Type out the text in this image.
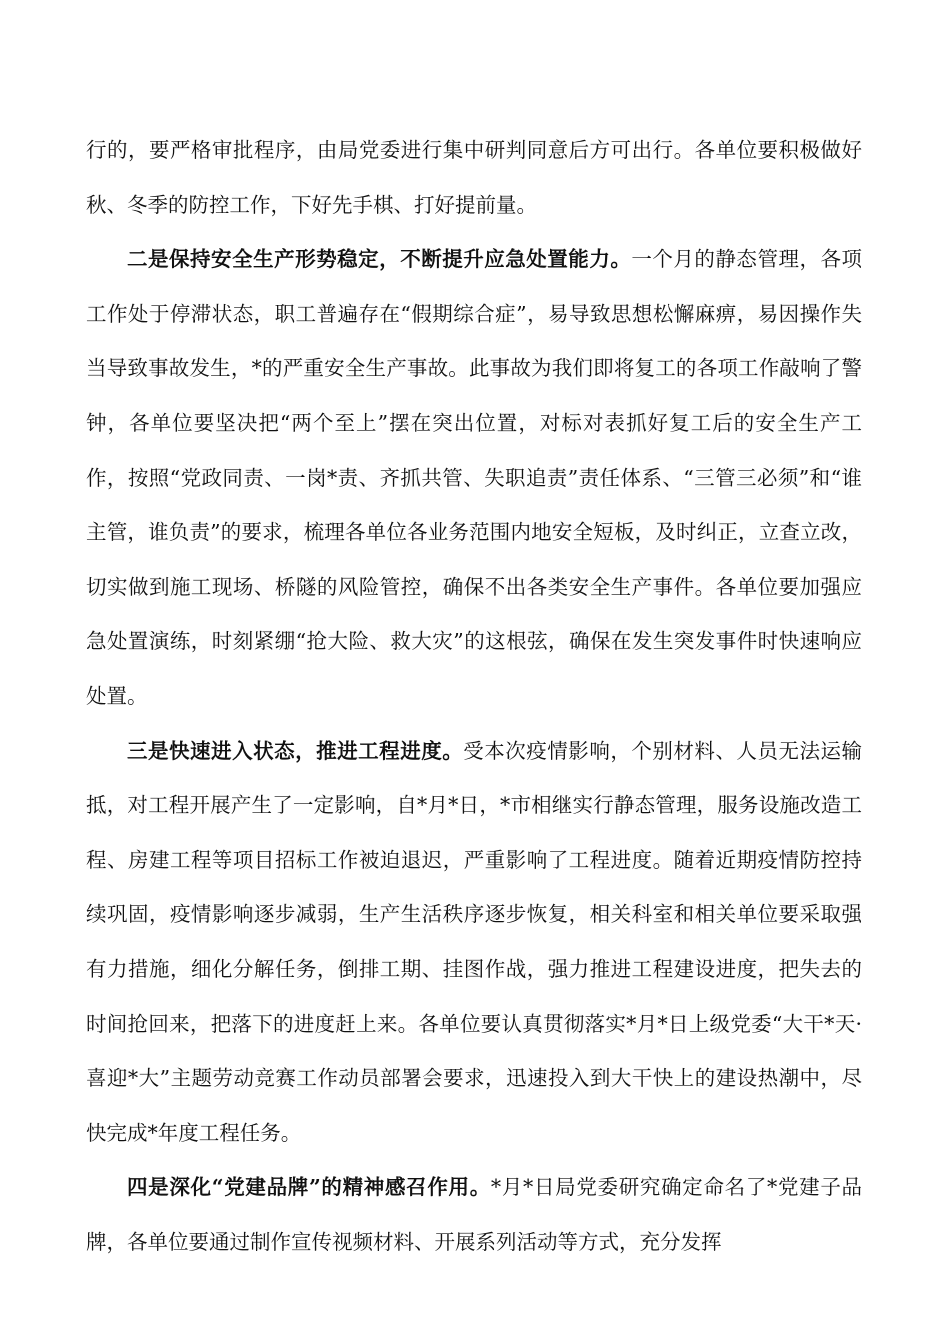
行的，要严格审批程序，由局党委进行集中研判同意后方可出行。各单位要积极做好秋、冬季的防控工作，下好先手棋、打好提前量。

二是保持安全生产形势稳定，不断提升应急处置能力。一个月的静态管理，各项工作处于停滞状态，职工普遍存在“假期综合症”，易导致思想松懈麻痹，易因操作失当导致事故发生，*的严重安全生产事故。此事故为我们即将复工的各项工作敲响了警钟，各单位要坚决把“两个至上”摆在突出位置，对标对表抓好复工后的安全生产工作，按照“党政同责、一岗*责、齐抓共管、失职追责”责任体系、“三管三必须”和“谁主管，谁负责”的要求，梳理各单位各业务范围内地安全短板，及时纠正，立查立改，切实做到施工现场、桥隧的风险管控，确保不出各类安全生产事件。各单位要加强应急处置演练，时刻紧绷“抢大险、救大灾”的这根弦，确保在发生突发事件时快速响应处置。

三是快速进入状态，推进工程进度。受本次疫情影响，个别材料、人员无法运输抵，对工程开展产生了一定影响，自*月*日，*市相继实行静态管理，服务设施改造工程、房建工程等项目招标工作被迫退迟，严重影响了工程进度。随着近期疫情防控持续巩固，疫情影响逐步减弱，生产生活秩序逐步恢复，相关科室和相关单位要采取强有力措施，细化分解任务，倒排工期、挂图作战，强力推进工程建设进度，把失去的时间抢回来，把落下的进度赶上来。各单位要认真贯彻落实*月*日上级党委“大干*天·喜迎*大”主题劳动竞赛工作动员部署会要求，迅速投入到大干快上的建设热潮中，尽快完成*年度工程任务。

四是深化“党建品牌”的精神感召作用。*月*日局党委研究确定命名了*党建子品牌，各单位要通过制作宣传视频材料、开展系列活动等方式，充分发挥
